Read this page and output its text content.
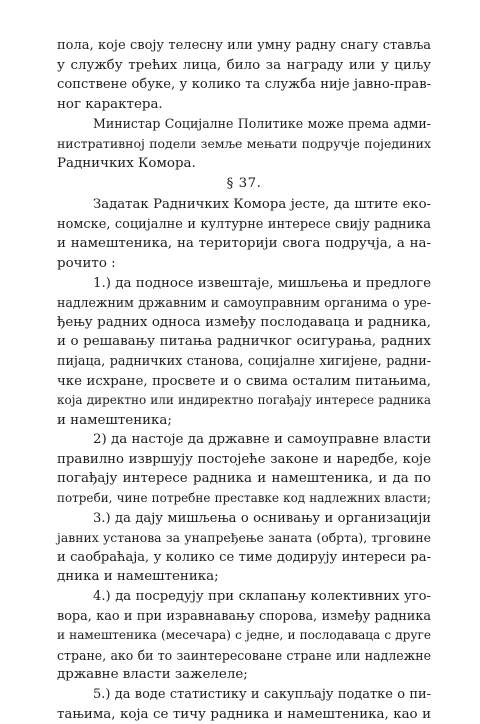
пола, које своју телесну или умну радну снагу ставља
у службу трећих лица, било за награду или у циљу
сопствене обуке, у колико та служба није јавно-прав-
ног карактера.
Министар Социјалне Политике може према адми-
нистративној подели земље мењати подручје појединих
Радничких Комора.
§ 37.
Задатак Радничких Комора јесте, да штите еко-
номске, социјалне и културне интересе свију радника
и намештеника, на територији свога подручја, а на-
рочито :
1.) да подносе извештаје, мишљења и предлоге
надлежним државним и самоуправним органима о уре-
ђењу радних односа између послодаваца и радника,
и о решавању питања радничког осигурања, радних
пијаца, радничких станова, социјалне хигијене, радни-
чке исхране, просвете и о свима осталим питањима,
која директно или индиректно погађају интересе радника
и намештеника;
2) да настоје да државне и самоуправне власти
правилно извршују постојеће законе и наредбе, које
погађају интересе радника и намештеника, и да по
потреби, чине потребне преставке код надлежних власти;
3.) да дају мишљења о оснивању и организацији
јавних установа за унапређење заната (обрта), трговине
и саобраћаја, у колико се тиме додирују интереси ра-
дника и намештеника;
4.) да посредују при склапању колективних уго-
вора, као и при изравнавању спорова, између радника
и намештеника (месечара) с једне, и послодаваца с друге
стране, ако би то заинтересоване стране или надлежне
државне власти зажелеле;
5.) да воде статистику и сакупљају податке о пи-
тањима, која се тичу радника и намештеника, као и
